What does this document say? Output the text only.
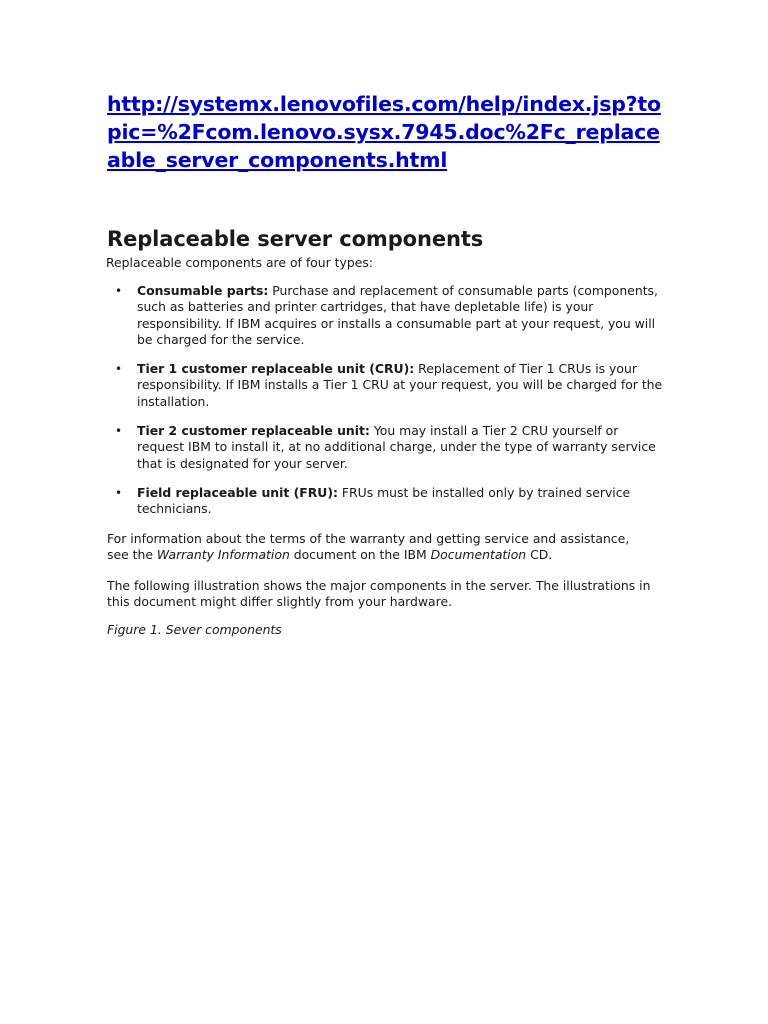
http://systemx.lenovofiles.com/help/index.jsp?topic=%2Fcom.lenovo.sysx.7945.doc%2Fc_replaceable_server_components.html
Replaceable server components

Replaceable components are of four types:

• Consumable parts: Purchase and replacement of consumable parts (components, such as batteries and printer cartridges, that have depletable life) is your responsibility. If IBM acquires or installs a consumable part at your request, you will be charged for the service.
• Tier 1 customer replaceable unit (CRU): Replacement of Tier 1 CRUs is your responsibility. If IBM installs a Tier 1 CRU at your request, you will be charged for the installation.
• Tier 2 customer replaceable unit: You may install a Tier 2 CRU yourself or request IBM to install it, at no additional charge, under the type of warranty service that is designated for your server.
• Field replaceable unit (FRU): FRUs must be installed only by trained service technicians.

For information about the terms of the warranty and getting service and assistance, see the Warranty Information document on the IBM Documentation CD.

The following illustration shows the major components in the server. The illustrations in this document might differ slightly from your hardware.

Figure 1. Sever components
